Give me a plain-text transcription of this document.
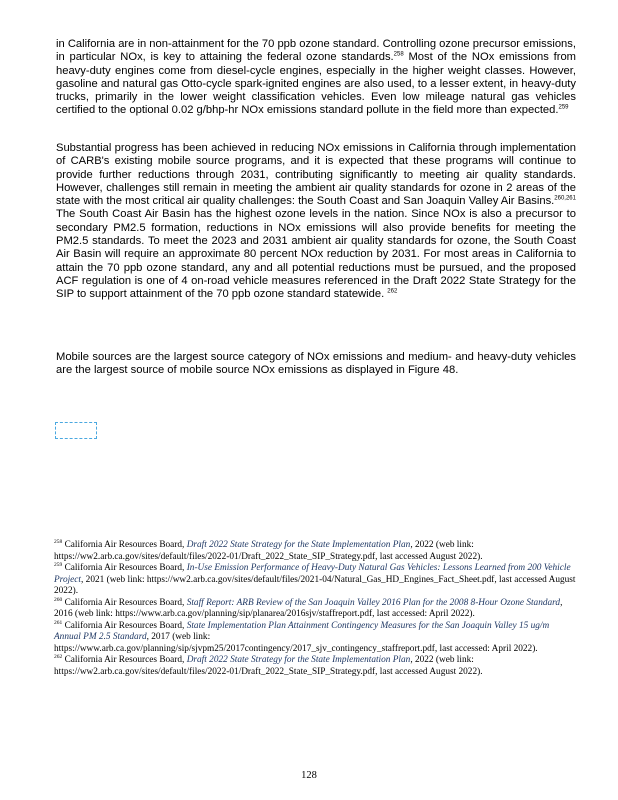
in California are in non-attainment for the 70 ppb ozone standard. Controlling ozone precursor emissions, in particular NOx, is key to attaining the federal ozone standards.$^{258}$ Most of the NOx emissions from heavy-duty engines come from diesel-cycle engines, especially in the higher weight classes. However, gasoline and natural gas Otto-cycle spark-ignited engines are also used, to a lesser extent, in heavy-duty trucks, primarily in the lower weight classification vehicles. Even low mileage natural gas vehicles certified to the optional 0.02 g/bhp-hr NOx emissions standard pollute in the field more than expected.$^{259}$

Substantial progress has been achieved in reducing NOx emissions in California through implementation of CARB's existing mobile source programs, and it is expected that these programs will continue to provide further reductions through 2031, contributing significantly to meeting air quality standards. However, challenges still remain in meeting the ambient air quality standards for ozone in 2 areas of the state with the most critical air quality challenges: the South Coast and San Joaquin Valley Air Basins.$^{260,261}$ The South Coast Air Basin has the highest ozone levels in the nation. Since NOx is also a precursor to secondary PM2.5 formation, reductions in NOx emissions will also provide benefits for meeting the PM2.5 standards. To meet the 2023 and 2031 ambient air quality standards for ozone, the South Coast Air Basin will require an approximate 80 percent NOx reduction by 2031. For most areas in California to attain the 70 ppb ozone standard, any and all potential reductions must be pursued, and the proposed ACF regulation is one of 4 on-road vehicle measures referenced in the Draft 2022 State Strategy for the SIP to support attainment of the 70 ppb ozone standard statewide. $^{262}$

Mobile sources are the largest source category of NOx emissions and medium- and heavy-duty vehicles are the largest source of mobile source NOx emissions as displayed in Figure 48.

$^{258}$ California Air Resources Board, Draft 2022 State Strategy for the State Implementation Plan, 2022 (web link: https://ww2.arb.ca.gov/sites/default/files/2022-01/Draft_2022_State_SIP_Strategy.pdf, last accessed August 2022).

$^{259}$ California Air Resources Board, In-Use Emission Performance of Heavy-Duty Natural Gas Vehicles: Lessons Learned from 200 Vehicle Project, 2021 (web link: https://ww2.arb.ca.gov/sites/default/files/2021-04/Natural_Gas_HD_Engines_Fact_Sheet.pdf, last accessed August 2022).

$^{260}$ California Air Resources Board, Staff Report: ARB Review of the San Joaquin Valley 2016 Plan for the 2008 8-Hour Ozone Standard, 2016 (web link: https://www.arb.ca.gov/planning/sip/planarea/2016sjv/staffreport.pdf, last accessed: April 2022).

$^{261}$ California Air Resources Board, State Implementation Plan Attainment Contingency Measures for the San Joaquin Valley 15 ug/m Annual PM 2.5 Standard, 2017 (web link: https://www.arb.ca.gov/planning/sip/sjvpm25/2017contingency/2017_sjv_contingency_staffreport.pdf, last accessed: April 2022).

$^{262}$ California Air Resources Board, Draft 2022 State Strategy for the State Implementation Plan, 2022 (web link: https://ww2.arb.ca.gov/sites/default/files/2022-01/Draft_2022_State_SIP_Strategy.pdf, last accessed August 2022).

128
